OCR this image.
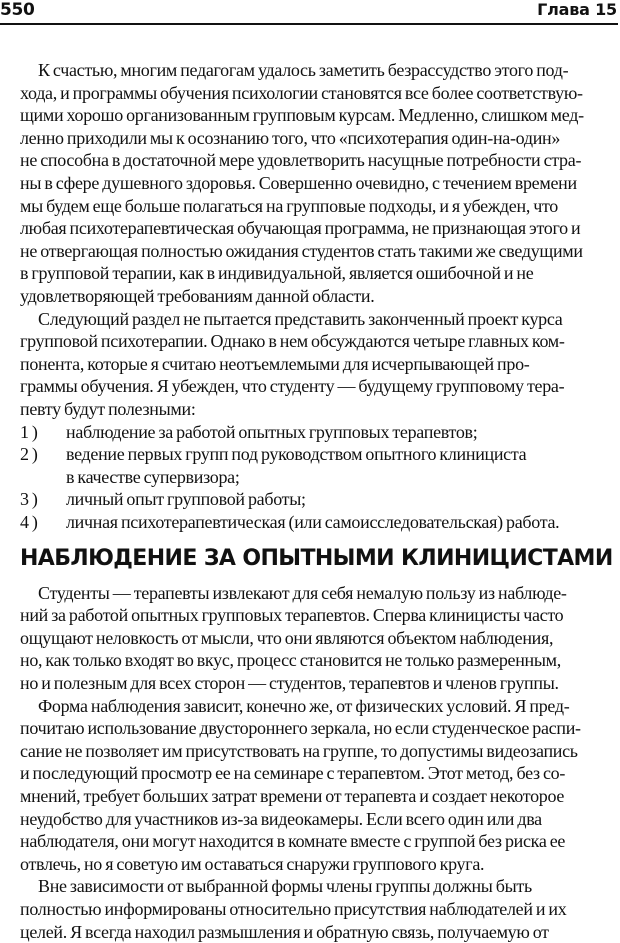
550	Глава 15
К счастью, многим педагогам удалось заметить безрассудство этого под-
хода, и программы обучения психологии становятся все более соответствую-
щими хорошо организованным групповым курсам. Медленно, слишком мед-
ленно приходили мы к осознанию того, что «психотерапия один-на-один»
не способна в достаточной мере удовлетворить насущные потребности стра-
ны в сфере душевного здоровья. Совершенно очевидно, с течением времени
мы будем еще больше полагаться на групповые подходы, и я убежден, что
любая психотерапевтическая обучающая программа, не признающая этого и
не отвергающая полностью ожидания студентов стать такими же сведущими
в групповой терапии, как в индивидуальной, является ошибочной и не
удовлетворяющей требованиям данной области.
Следующий раздел не пытается представить законченный проект курса
групповой психотерапии. Однако в нем обсуждаются четыре главных ком-
понента, которые я считаю неотъемлемыми для исчерпывающей про-
граммы обучения. Я убежден, что студенту — будущему групповому тера-
певту будут полезными:
1 ) наблюдение за работой опытных групповых терапевтов;
2 ) ведение первых групп под руководством опытного клинициста
в качестве супервизора;
3 ) личный опыт групповой работы;
4 ) личная психотерапевтическая (или самоисследовательская) работа.
НАБЛЮДЕНИЕ ЗА ОПЫТНЫМИ КЛИНИЦИСТАМИ
Студенты — терапевты извлекают для себя немалую пользу из наблюде-
ний за работой опытных групповых терапевтов. Сперва клиницисты часто
ощущают неловкость от мысли, что они являются объектом наблюдения,
но, как только входят во вкус, процесс становится не только размеренным,
но и полезным для всех сторон — студентов, терапевтов и членов группы.
Форма наблюдения зависит, конечно же, от физических условий. Я пред-
почитаю использование двустороннего зеркала, но если студенческое распи-
сание не позволяет им присутствовать на группе, то допустимы видеозапись
и последующий просмотр ее на семинаре с терапевтом. Этот метод, без со-
мнений, требует больших затрат времени от терапевта и создает некоторое
неудобство для участников из-за видеокамеры. Если всего один или два
наблюдателя, они могут находится в комнате вместе с группой без риска ее
отвлечь, но я советую им оставаться снаружи группового круга.
Вне зависимости от выбранной формы члены группы должны быть
полностью информированы относительно присутствия наблюдателей и их
целей. Я всегда находил размышления и обратную связь, получаемую от
